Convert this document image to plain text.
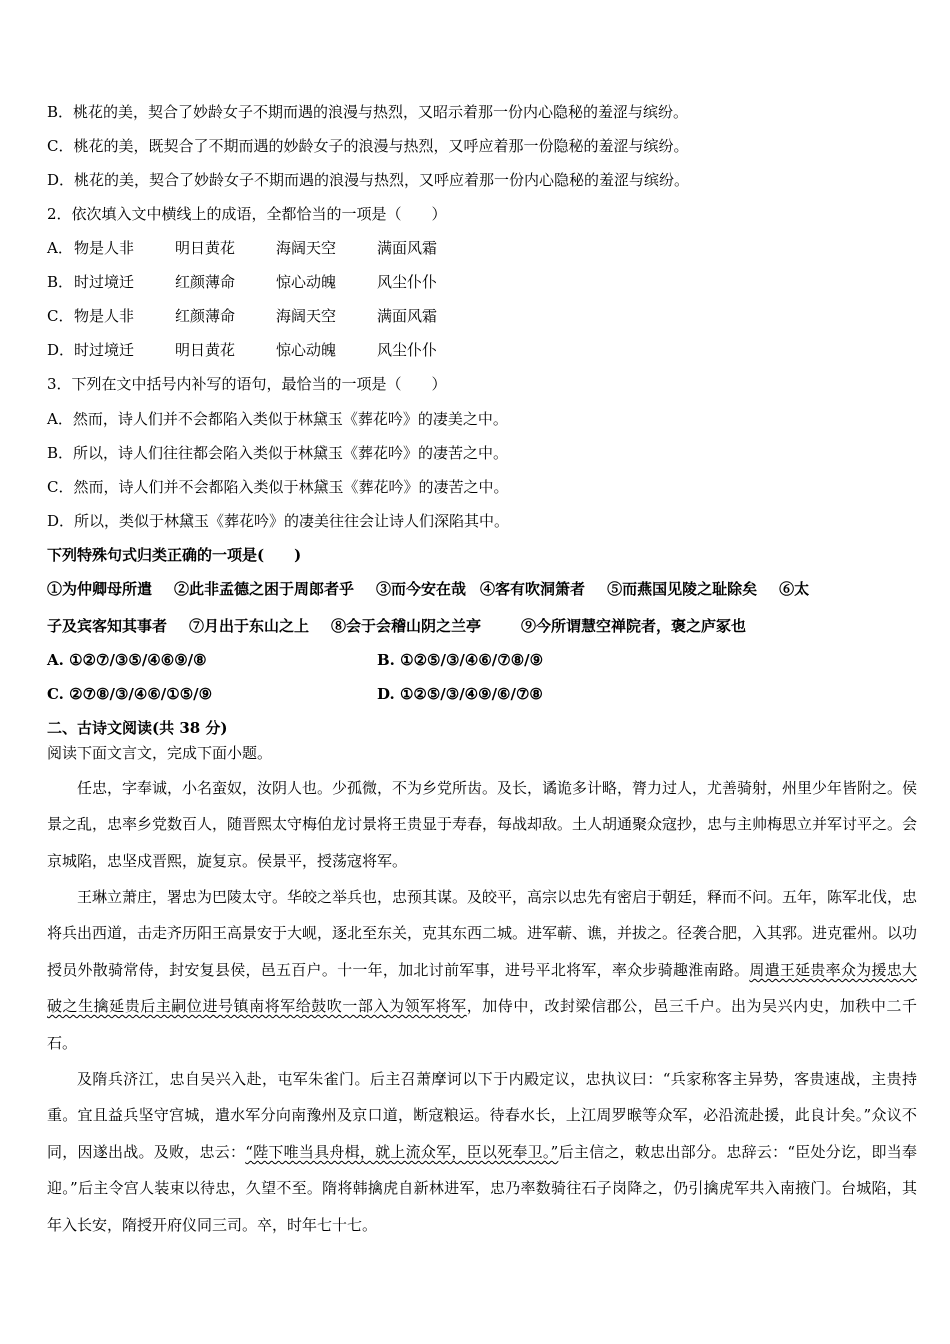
B．桃花的美，契合了妙龄女子不期而遇的浪漫与热烈，又昭示着那一份内心隐秘的羞涩与缤纷。
C．桃花的美，既契合了不期而遇的妙龄女子的浪漫与热烈，又呼应着那一份隐秘的羞涩与缤纷。
D．桃花的美，契合了妙龄女子不期而遇的浪漫与热烈，又呼应着那一份内心隐秘的羞涩与缤纷。
2．依次填入文中横线上的成语，全都恰当的一项是（　　）
A．物是人非	明日黄花	海阔天空	满面风霜
B．时过境迁	红颜薄命	惊心动魄	风尘仆仆
C．物是人非	红颜薄命	海阔天空	满面风霜
D．时过境迁	明日黄花	惊心动魄	风尘仆仆
3．下列在文中括号内补写的语句，最恰当的一项是（　　）
A．然而，诗人们并不会都陷入类似于林黛玉《葬花吟》的凄美之中。
B．所以，诗人们往往都会陷入类似于林黛玉《葬花吟》的凄苦之中。
C．然而，诗人们并不会都陷入类似于林黛玉《葬花吟》的凄苦之中。
D．所以，类似于林黛玉《葬花吟》的凄美往往会让诗人们深陷其中。
下列特殊句式归类正确的一项是(　　)
①为仲卿母所遣 ②此非孟德之困于周郎者乎 ③而今安在哉 ④客有吹洞箫者 ⑤而燕国见陵之耻除矣 ⑥太
子及宾客知其事者 ⑦月出于东山之上 ⑧会于会稽山阴之兰亭	⑨今所谓慧空禅院者，褒之庐冢也
A. ①②⑦/③⑤/④⑥⑨/⑧	B. ①②⑤/③/④⑥/⑦⑧/⑨
C. ②⑦⑧/③/④⑥/①⑤/⑨	D. ①②⑤/③/④⑨/⑥/⑦⑧
二、古诗文阅读(共 38 分)
阅读下面文言文，完成下面小题。
任忠，字奉诚，小名蛮奴，汝阴人也。少孤微，不为乡党所齿。及长，谲诡多计略，膂力过人，尤善骑射，州里少年皆附之。侯景之乱，忠率乡党数百人，随晋熙太守梅伯龙讨景将王贵显于寿春，每战却敌。土人胡通聚众寇抄，忠与主帅梅思立并军讨平之。会京城陷，忠坚戍晋熙，旋复京。侯景平，授荡寇将军。
王琳立萧庄，署忠为巴陵太守。华皎之举兵也，忠预其谋。及皎平，高宗以忠先有密启于朝廷，释而不问。五年，陈军北伐，忠将兵出西道，击走齐历阳王高景安于大岘，逐北至东关，克其东西二城。进军蕲、谯，并拔之。径袭合肥，入其郛。进克霍州。以功授员外散骑常侍，封安复县侯，邑五百户。十一年，加北讨前军事，进号平北将军，率众步骑趣淮南路。周遣王延贵率众为援忠大破之生擒延贵后主嗣位进号镇南将军给鼓吹一部入为领军将军，加侍中，改封梁信郡公，邑三千户。出为吴兴内史，加秩中二千石。
及隋兵济江，忠自吴兴入赴，屯军朱雀门。后主召萧摩诃以下于内殿定议，忠执议曰：“兵家称客主异势，客贵速战，主贵持重。宜且益兵坚守宫城，遣水军分向南豫州及京口道，断寇粮运。待春水长，上江周罗㬋等众军，必沿流赴援，此良计矣。”众议不同，因遂出战。及败，忠云：“陛下唯当具舟楫，就上流众军，臣以死奉卫。”后主信之，敕忠出部分。忠辞云：“臣处分讫，即当奉迎。”后主令宫人装束以待忠，久望不至。隋将韩擒虎自新林进军，忠乃率数骑往石子岗降之，仍引擒虎军共入南掖门。台城陷，其年入长安，隋授开府仪同三司。卒，时年七十七。
